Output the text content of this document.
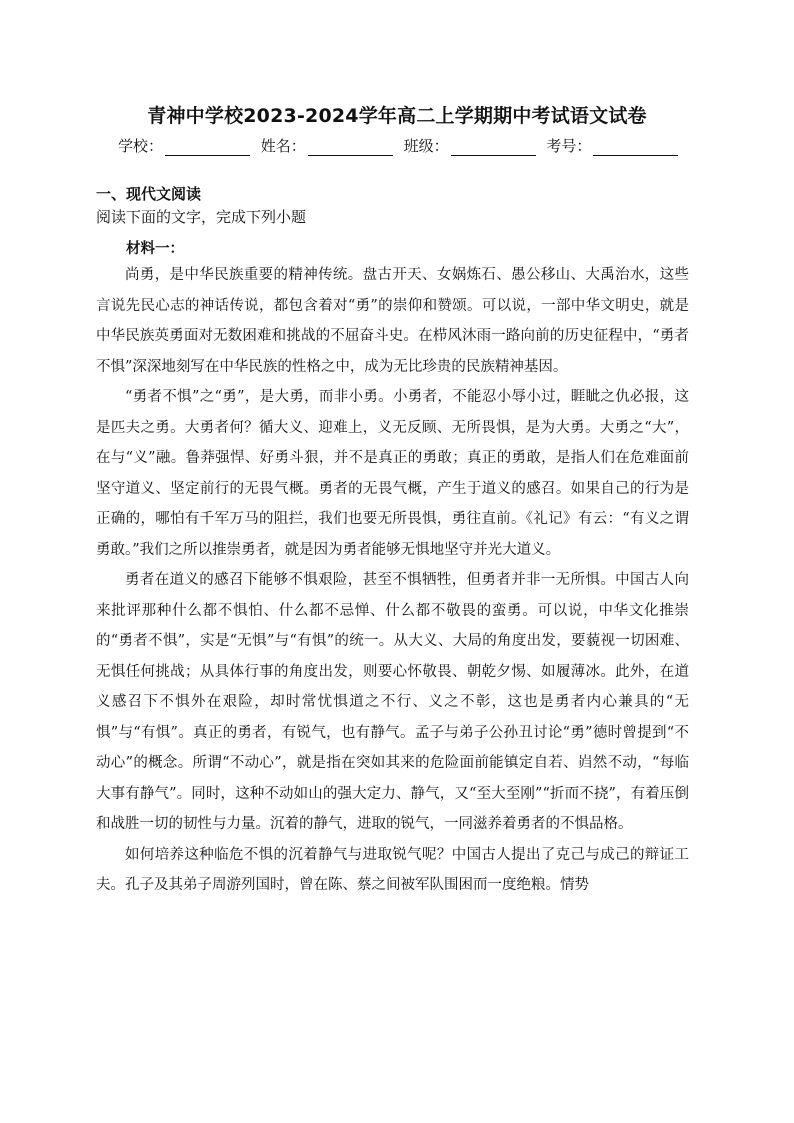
青神中学校2023-2024学年高二上学期期中考试语文试卷
学校：	姓名：	班级：	考号：
一、现代文阅读
阅读下面的文字，完成下列小题
材料一：

尚勇，是中华民族重要的精神传统。盘古开天、女娲炼石、愚公移山、大禹治水，这些言说先民心志的神话传说，都包含着对“勇”的崇仰和赞颂。可以说，一部中华文明史，就是中华民族英勇面对无数困难和挑战的不屈奋斗史。在栉风沐雨一路向前的历史征程中，“勇者不惧”深深地刻写在中华民族的性格之中，成为无比珍贵的民族精神基因。

“勇者不惧”之“勇”，是大勇，而非小勇。小勇者，不能忍小辱小过，睚眦之仇必报，这是匹夫之勇。大勇者何？循大义、迎难上，义无反顾、无所畏惧，是为大勇。大勇之“大”，在与“义”融。鲁莽强悍、好勇斗狠，并不是真正的勇敢；真正的勇敢，是指人们在危难面前坚守道义、坚定前行的无畏气概。勇者的无畏气概，产生于道义的感召。如果自己的行为是正确的，哪怕有千军万马的阻拦，我们也要无所畏惧，勇往直前。《礼记》有云：“有义之谓勇敢。”我们之所以推崇勇者，就是因为勇者能够无惧地坚守并光大道义。

勇者在道义的感召下能够不惧艰险，甚至不惧牺牲，但勇者并非一无所惧。中国古人向来批评那种什么都不惧怕、什么都不忌惮、什么都不敬畏的蛮勇。可以说，中华文化推崇的“勇者不惧”，实是“无惧”与“有惧”的统一。从大义、大局的角度出发，要藐视一切困难、无惧任何挑战；从具体行事的角度出发，则要心怀敬畏、朝乾夕惕、如履薄冰。此外，在道义感召下不惧外在艰险，却时常忧惧道之不行、义之不彰，这也是勇者内心兼具的“无惧”与“有惧”。真正的勇者，有锐气，也有静气。孟子与弟子公孙丑讨论“勇”德时曾提到“不动心”的概念。所谓“不动心”，就是指在突如其来的危险面前能镇定自若、岿然不动，“每临大事有静气”。同时，这种不动如山的强大定力、静气，又“至大至刚”“折而不挠”，有着压倒和战胜一切的韧性与力量。沉着的静气，进取的锐气，一同滋养着勇者的不惧品格。

如何培养这种临危不惧的沉着静气与进取锐气呢？中国古人提出了克己与成己的辩证工夫。孔子及其弟子周游列国时，曾在陈、蔡之间被军队围困而一度绝粮。情势
